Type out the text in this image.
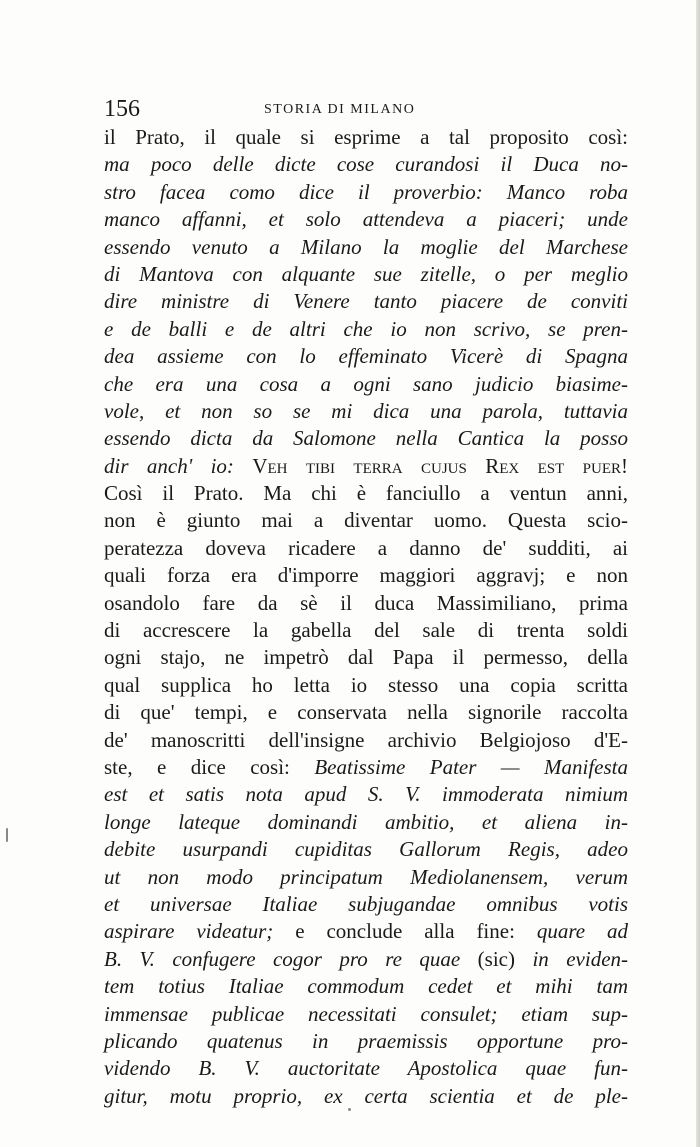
156	STORIA DI MILANO
il Prato, il quale si esprime a tal proposito così:
ma poco delle dicte cose curandosi il Duca no-
stro facea como dice il proverbio: Manco roba
manco affanni, et solo attendeva a piaceri; unde
essendo venuto a Milano la moglie del Marchese
di Mantova con alquante sue zitelle, o per meglio
dire ministre di Venere tanto piacere de conviti
e de balli e de altri che io non scrivo, se pren-
dea assieme con lo effeminato Vicerè di Spagna
che era una cosa a ogni sano judicio biasime-
vole, et non so se mi dica una parola, tuttavia
essendo dicta da Salomone nella Cantica la posso
dir anch' io: Veh tibi terra cujus Rex est puer!
Così il Prato. Ma chi è fanciullo a ventun anni,
non è giunto mai a diventar uomo. Questa scio-
peratezza doveva ricadere a danno de' sudditi, ai
quali forza era d'imporre maggiori aggravj; e non
osandolo fare da sè il duca Massimiliano, prima
di accrescere la gabella del sale di trenta soldi
ogni stajo, ne impetrò dal Papa il permesso, della
qual supplica ho letta io stesso una copia scritta
di que' tempi, e conservata nella signorile raccolta
de' manoscritti dell'insigne archivio Belgiojoso d'E-
ste, e dice così: Beatissime Pater — Manifesta
est et satis nota apud S. V. immoderata nimium
longe lateque dominandi ambitio, et aliena in-
debite usurpandi cupiditas Gallorum Regis, adeo
ut non modo principatum Mediolanensem, verum
et universae Italiae subjugandae omnibus votis
aspirare videatur; e conclude alla fine: quare ad
B. V. confugere cogor pro re quae (sic) in eviden-
tem totius Italiae commodum cedet et mihi tam
immensae publicae necessitati consulet; etiam sup-
plicando quatenus in praemissis opportune pro-
videndo B. V. auctoritate Apostolica quae fun-
gitur, motu proprio, ex certa scientia et de ple-
